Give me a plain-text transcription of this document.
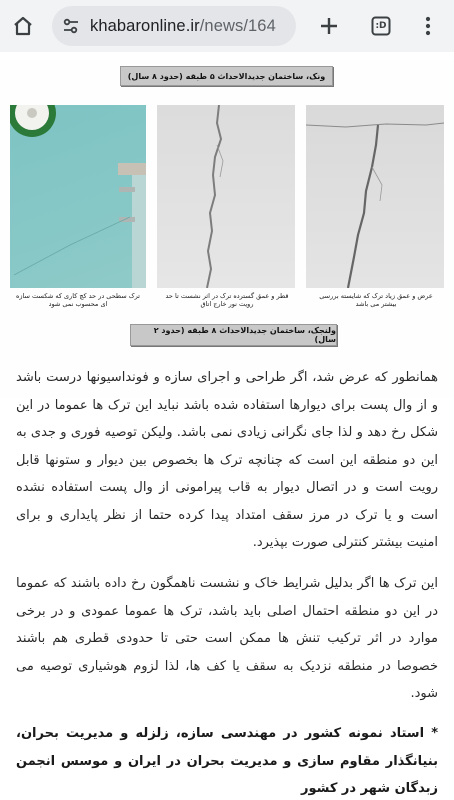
khabaronline.ir/news/164	:D
ونک، ساختمان جدیدالاحداث ۵ طبقه (حدود ۸ سال)
ترک سطحی در حد کچ کاری که شکست سازه ای محسوب نمی شود
قطر و عمق گسترده ترک در اثر نشست تا حد رویت نور خارج اتاق
عرض و عمق زیاد ترک که شایسته بررسی بیشتر می باشد
ولنجک، ساختمان جدیدالاحداث ۸ طبقه (حدود ۲ سال)

همانطور که عرض شد، اگر طراحی و اجرای سازه و فونداسیونها درست باشد و از وال پست برای دیوارها استفاده شده باشد نباید این ترک ها عموما در این شکل رخ دهد و لذا جای نگرانی زیادی نمی باشد. ولیکن توصیه فوری و جدی به این دو منطقه این است که چنانچه ترک ها بخصوص بین دیوار و ستونها قابل رویت است و در اتصال دیوار به قاب پیرامونی از وال پست استفاده نشده است و یا ترک در مرز سقف امتداد پیدا کرده حتما از نظر پایداری و برای امنیت بیشتر کنترلی صورت بپذیرد.

این ترک ها اگر بدلیل شرایط خاک و نشست ناهمگون رخ داده باشند که عموما در این دو منطقه احتمال اصلی باید باشد، ترک ها عموما عمودی و در برخی موارد در اثر ترکیب تنش ها ممکن است حتی تا حدودی قطری هم باشند خصوصا در منطقه نزدیک به سقف یا کف ها، لذا لزوم هوشیاری توصیه می شود.

* استاد نمونه کشور در مهندسی سازه، زلزله و مدیریت بحران، بنیانگذار مقاوم سازی و مدیریت بحران در ایران و موسس انجمن زبدگان شهر در کشور
